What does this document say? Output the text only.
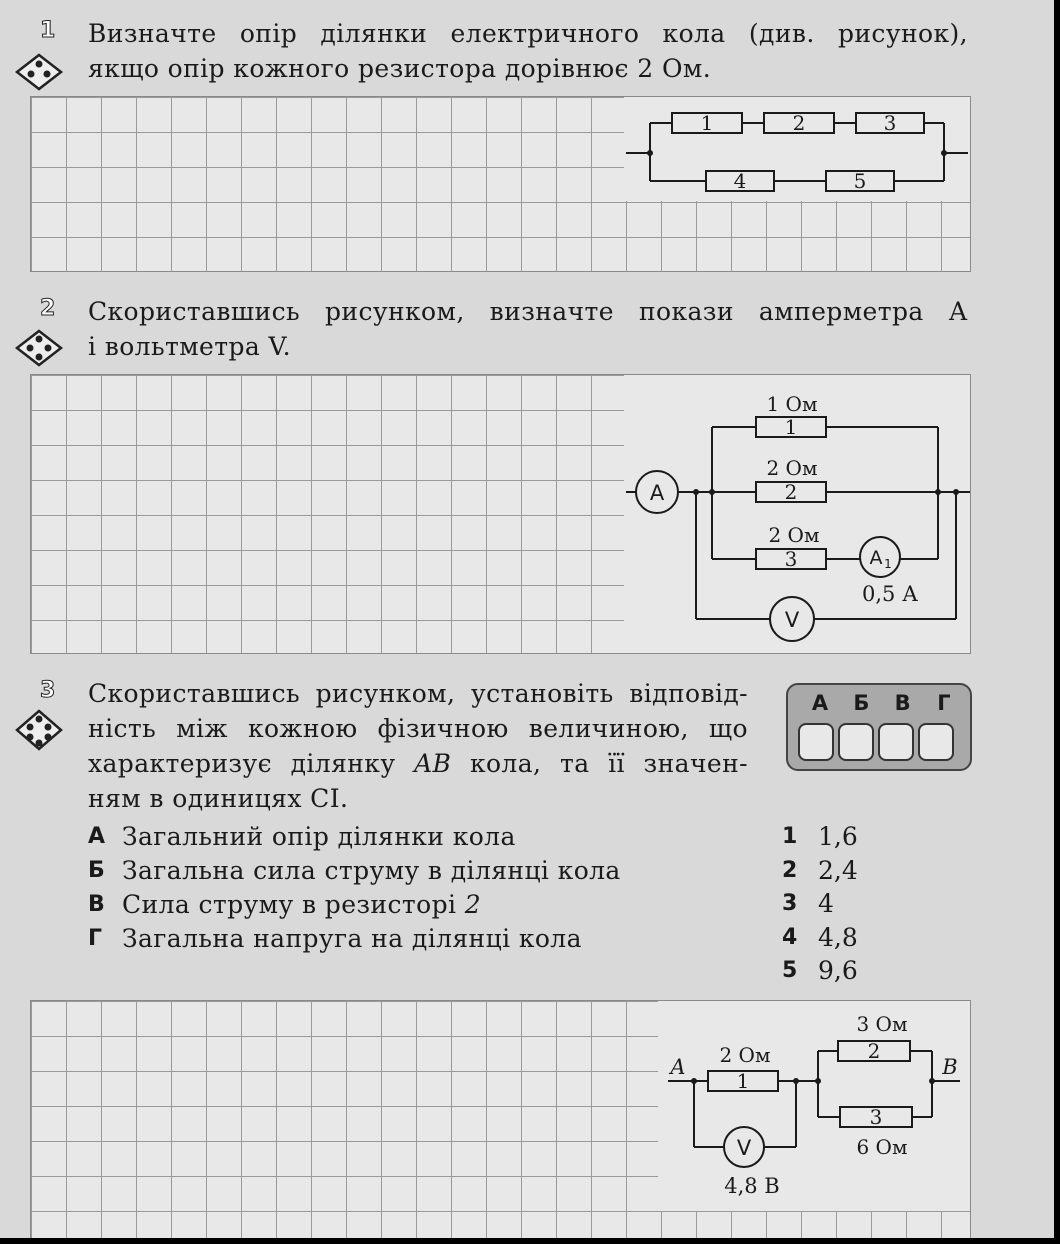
1 Визначте опір ділянки електричного кола (див. рисунок),
якщо опір кожного резистора дорівнює 2 Ом.
1	2	3
4	5
2 Скориставшись рисунком, визначте покази амперметра А
і вольтметра V.
1 Ом
1
2 Ом
2
2 Ом
3
A
A 1
0,5 А
V
3 Скориставшись рисунком, установіть відповід-
ність між кожною фізичною величиною, що
характеризує ділянку AB кола, та її значен-
ням в одиницях СІ.
А	Б	В	Г
А Загальний опір ділянки кола
Б Загальна сила струму в ділянці кола
В Сила струму в резисторі 2
Г Загальна напруга на ділянці кола
1 1,6
2 2,4
3 4
4 4,8
5 9,6
A	B
2 Ом
1
3 Ом
2
3
6 Ом
V
4,8 В
